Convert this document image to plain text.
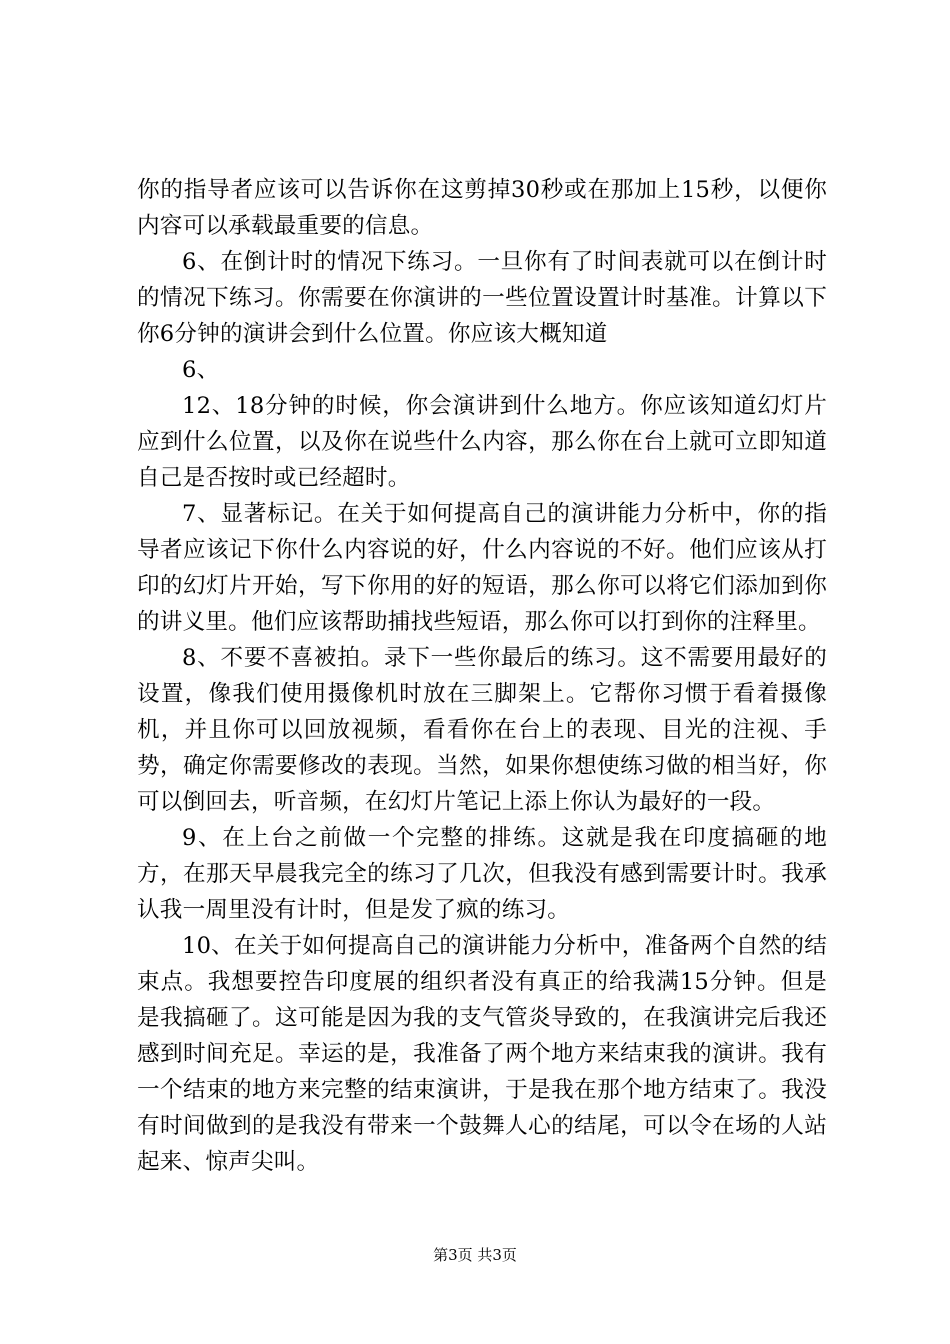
你的指导者应该可以告诉你在这剪掉30秒或在那加上15秒，以便你内容可以承载最重要的信息。

6、在倒计时的情况下练习。一旦你有了时间表就可以在倒计时的情况下练习。你需要在你演讲的一些位置设置计时基准。计算以下你6分钟的演讲会到什么位置。你应该大概知道

6、

12、18分钟的时候，你会演讲到什么地方。你应该知道幻灯片应到什么位置，以及你在说些什么内容，那么你在台上就可立即知道自己是否按时或已经超时。

7、显著标记。在关于如何提高自己的演讲能力分析中，你的指导者应该记下你什么内容说的好，什么内容说的不好。他们应该从打印的幻灯片开始，写下你用的好的短语，那么你可以将它们添加到你的讲义里。他们应该帮助捕找些短语，那么你可以打到你的注释里。

8、不要不喜被拍。录下一些你最后的练习。这不需要用最好的设置，像我们使用摄像机时放在三脚架上。它帮你习惯于看着摄像机，并且你可以回放视频，看看你在台上的表现、目光的注视、手势，确定你需要修改的表现。当然，如果你想使练习做的相当好，你可以倒回去，听音频，在幻灯片笔记上添上你认为最好的一段。

9、在上台之前做一个完整的排练。这就是我在印度搞砸的地方，在那天早晨我完全的练习了几次，但我没有感到需要计时。我承认我一周里没有计时，但是发了疯的练习。

10、在关于如何提高自己的演讲能力分析中，准备两个自然的结束点。我想要控告印度展的组织者没有真正的给我满15分钟。但是是我搞砸了。这可能是因为我的支气管炎导致的，在我演讲完后我还感到时间充足。幸运的是，我准备了两个地方来结束我的演讲。我有一个结束的地方来完整的结束演讲，于是我在那个地方结束了。我没有时间做到的是我没有带来一个鼓舞人心的结尾，可以令在场的人站起来、惊声尖叫。

第3页 共3页
